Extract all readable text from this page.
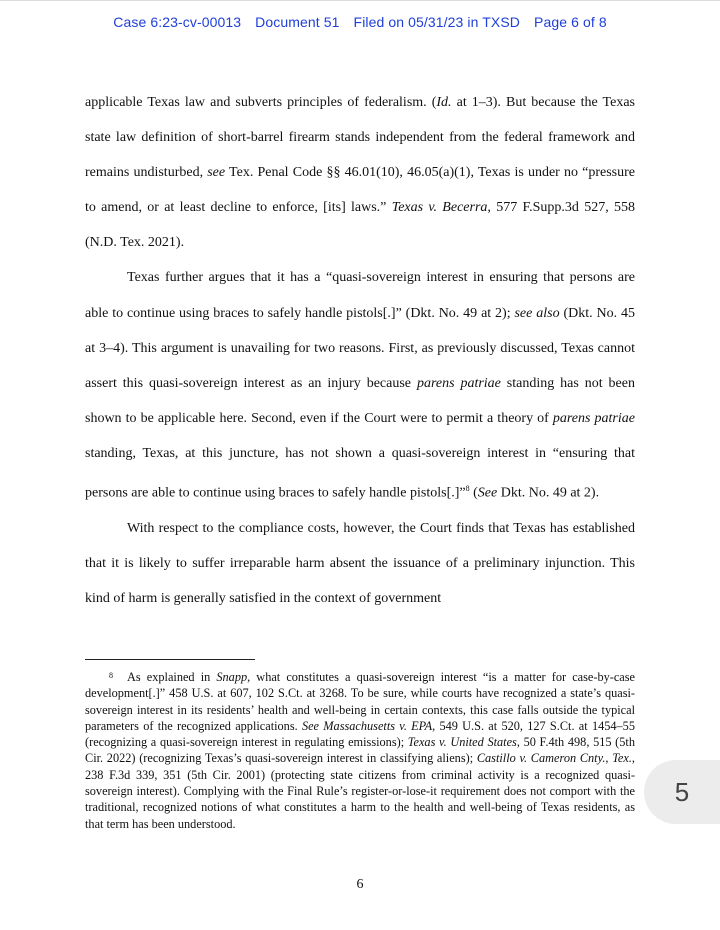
Case 6:23-cv-00013 Document 51 Filed on 05/31/23 in TXSD Page 6 of 8

applicable Texas law and subverts principles of federalism. (Id. at 1–3). But because the Texas state law definition of short-barrel firearm stands independent from the federal framework and remains undisturbed, see Tex. Penal Code §§ 46.01(10), 46.05(a)(1), Texas is under no “pressure to amend, or at least decline to enforce, [its] laws.” Texas v. Becerra, 577 F.Supp.3d 527, 558 (N.D. Tex. 2021).

Texas further argues that it has a “quasi-sovereign interest in ensuring that persons are able to continue using braces to safely handle pistols[.]” (Dkt. No. 49 at 2); see also (Dkt. No. 45 at 3–4). This argument is unavailing for two reasons. First, as previously discussed, Texas cannot assert this quasi-sovereign interest as an injury because parens patriae standing has not been shown to be applicable here. Second, even if the Court were to permit a theory of parens patriae standing, Texas, at this juncture, has not shown a quasi-sovereign interest in “ensuring that persons are able to continue using braces to safely handle pistols[.]”$^8$ (See Dkt. No. 49 at 2).

With respect to the compliance costs, however, the Court finds that Texas has established that it is likely to suffer irreparable harm absent the issuance of a preliminary injunction. This kind of harm is generally satisfied in the context of government

$^8$ As explained in Snapp, what constitutes a quasi-sovereign interest “is a matter for case-by-case development[.]” 458 U.S. at 607, 102 S.Ct. at 3268. To be sure, while courts have recognized a state’s quasi-sovereign interest in its residents’ health and well-being in certain contexts, this case falls outside the typical parameters of the recognized applications. See Massachusetts v. EPA, 549 U.S. at 520, 127 S.Ct. at 1454–55 (recognizing a quasi-sovereign interest in regulating emissions); Texas v. United States, 50 F.4th 498, 515 (5th Cir. 2022) (recognizing Texas’s quasi-sovereign interest in classifying aliens); Castillo v. Cameron Cnty., Tex., 238 F.3d 339, 351 (5th Cir. 2001) (protecting state citizens from criminal activity is a recognized quasi-sovereign interest). Complying with the Final Rule’s register-or-lose-it requirement does not comport with the traditional, recognized notions of what constitutes a harm to the health and well-being of Texas residents, as that term has been understood.
6
5
